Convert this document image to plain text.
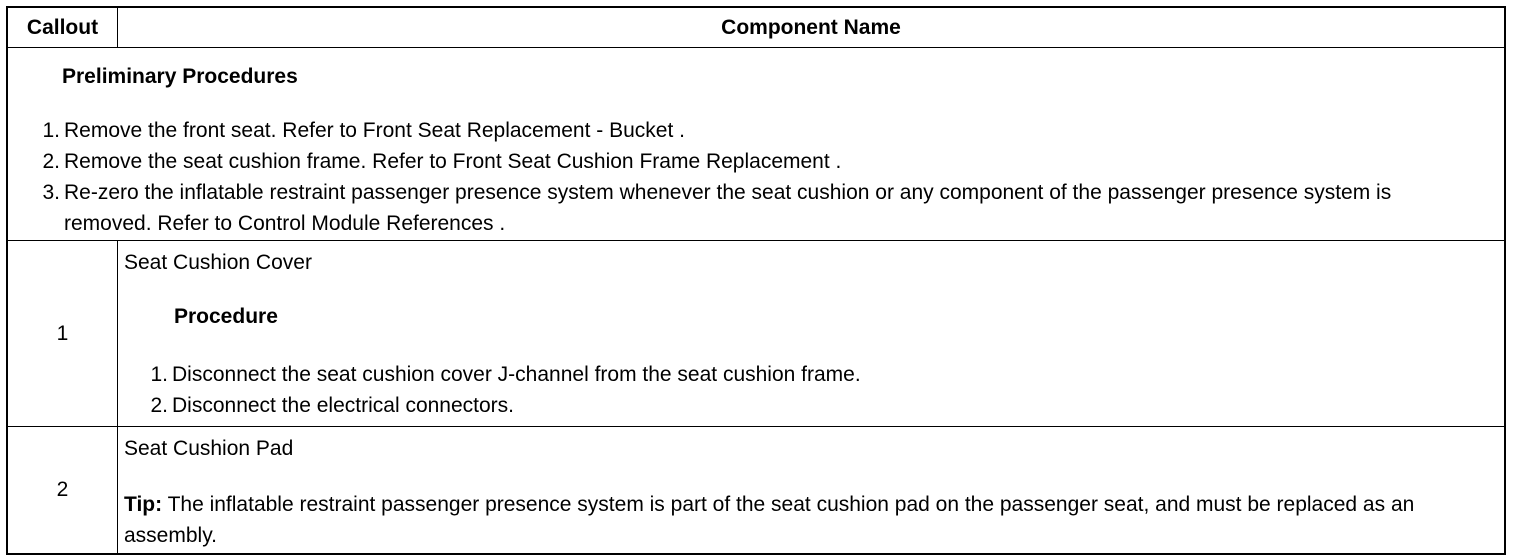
Callout	Component Name
Preliminary Procedures
1. Remove the front seat. Refer to Front Seat Replacement - Bucket .
2. Remove the seat cushion frame. Refer to Front Seat Cushion Frame Replacement .
3. Re-zero the inflatable restraint passenger presence system whenever the seat cushion or any component of the passenger presence system is removed. Refer to Control Module References .
1
Seat Cushion Cover
Procedure
1. Disconnect the seat cushion cover J-channel from the seat cushion frame.
2. Disconnect the electrical connectors.
2
Seat Cushion Pad
Tip: The inflatable restraint passenger presence system is part of the seat cushion pad on the passenger seat, and must be replaced as an assembly.
